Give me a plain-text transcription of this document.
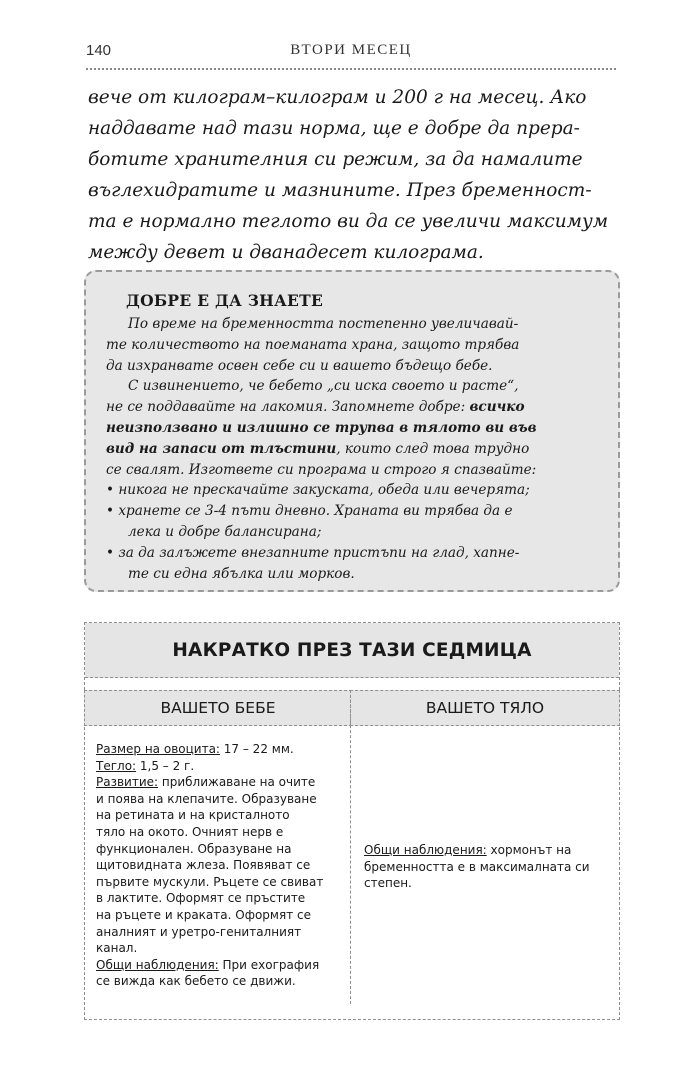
140	ВТОРИ МЕСЕЦ
вече от килограм–килограм и 200 г на месец. Ако
наддавате над тази норма, ще е добре да прера-
ботите хранителния си режим, за да намалите
въглехидратите и мазнините. През бременност-
та е нормално теглото ви да се увеличи максимум
между девет и дванадесет килограма.
ДОБРЕ Е ДА ЗНАЕТЕ
По време на бременността постепенно увеличавай-
те количеството на поеманата храна, защото трябва
да изхранвате освен себе си и вашето бъдещо бебе.
С извинението, че бебето „си иска своето и расте“,
не се поддавайте на лакомия. Запомнете добре: всичко
неизползвано и излишно се трупва в тялото ви във
вид на запаси от тлъстини, които след това трудно
се свалят. Изгответе си програма и строго я спазвайте:
• никога не прескачайте закуската, обеда или вечерята;
• хранете се 3-4 пъти дневно. Храната ви трябва да е
лека и добре балансирана;
• за да залъжете внезапните пристъпи на глад, хапне-
те си една ябълка или морков.
НАКРАТКО ПРЕЗ ТАЗИ СЕДМИЦА
ВАШЕТО БЕБЕ	ВАШЕТО ТЯЛО
Размер на овоцита: 17 – 22 мм.
Тегло: 1,5 – 2 г.
Развитие: приближаване на очите
и поява на клепачите. Образуване
на ретината и на кристалното
тяло на окото. Очният нерв е
функционален. Образуване на
щитовидната жлеза. Появяват се
първите мускули. Ръцете се свиват
в лактите. Оформят се пръстите
на ръцете и краката. Оформят се
аналният и уретро-гениталният
канал.
Общи наблюдения: При ехография
се вижда как бебето се движи.
Общи наблюдения: хормонът на
бременността е в максималната си
степен.
